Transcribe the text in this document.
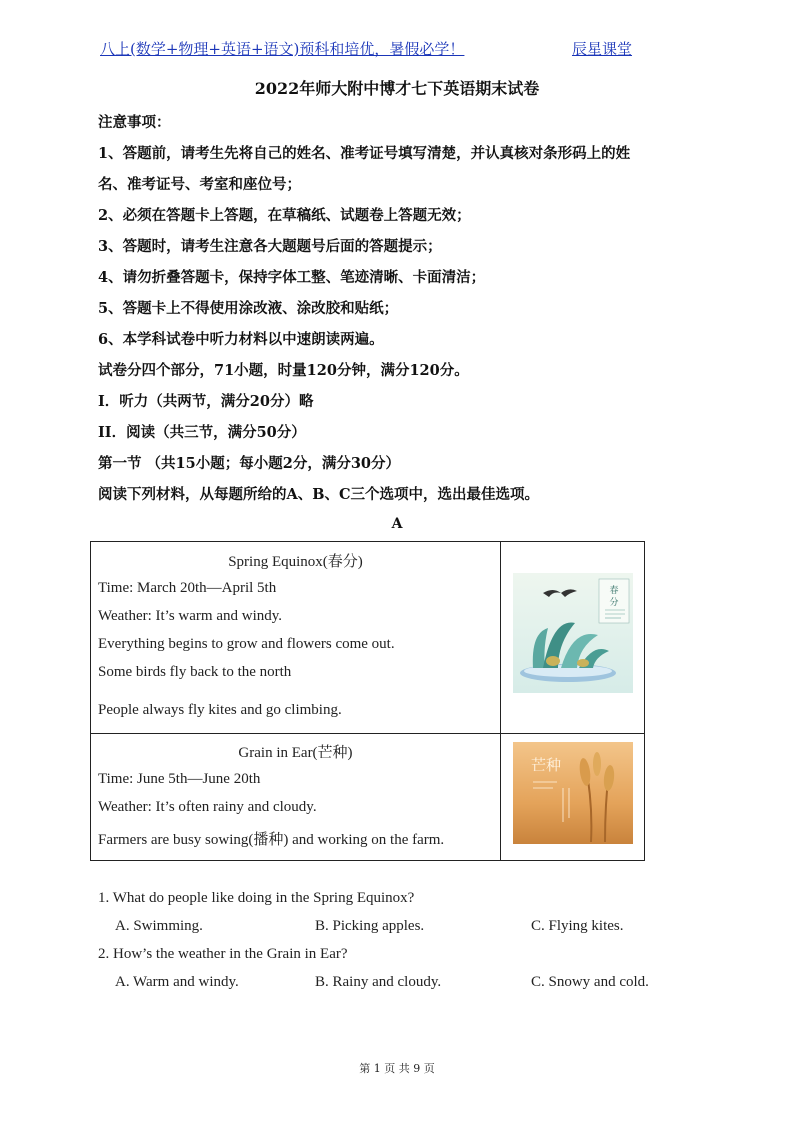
八上(数学+物理+英语+语文)预科和培优，暑假必学！	辰星课堂
2022年师大附中博才七下英语期末试卷
注意事项：
1、答题前，请考生先将自己的姓名、准考证号填写清楚，并认真核对条形码上的姓
名、准考证号、考室和座位号；
2、必须在答题卡上答题，在草稿纸、试题卷上答题无效；
3、答题时，请考生注意各大题题号后面的答题提示；
4、请勿折叠答题卡，保持字体工整、笔迹清晰、卡面清洁；
5、答题卡上不得使用涂改液、涂改胶和贴纸；
6、本学科试卷中听力材料以中速朗读两遍。
试卷分四个部分，71小题，时量120分钟，满分120分。
I．听力（共两节，满分20分）略
II．阅读（共三节，满分50分）
第一节 （共15小题；每小题2分，满分30分）
阅读下列材料，从每题所给的A、B、C三个选项中，选出最佳选项。
A
Spring Equinox(春分)
Time: March 20th—April 5th
Weather: It’s warm and windy.
Everything begins to grow and flowers come out.
Some birds fly back to the north
People always fly kites and go climbing.
春
分
Grain in Ear(芒种)
Time: June 5th—June 20th
Weather: It’s often rainy and cloudy.
Farmers are busy sowing(播种) and working on the farm.
芒种
1. What do people like doing in the Spring Equinox?
A. Swimming.	B. Picking apples.	C. Flying kites.
2. How’s the weather in the Grain in Ear?
A. Warm and windy.	B. Rainy and cloudy.	C. Snowy and cold.
第 1 页 共 9 页
